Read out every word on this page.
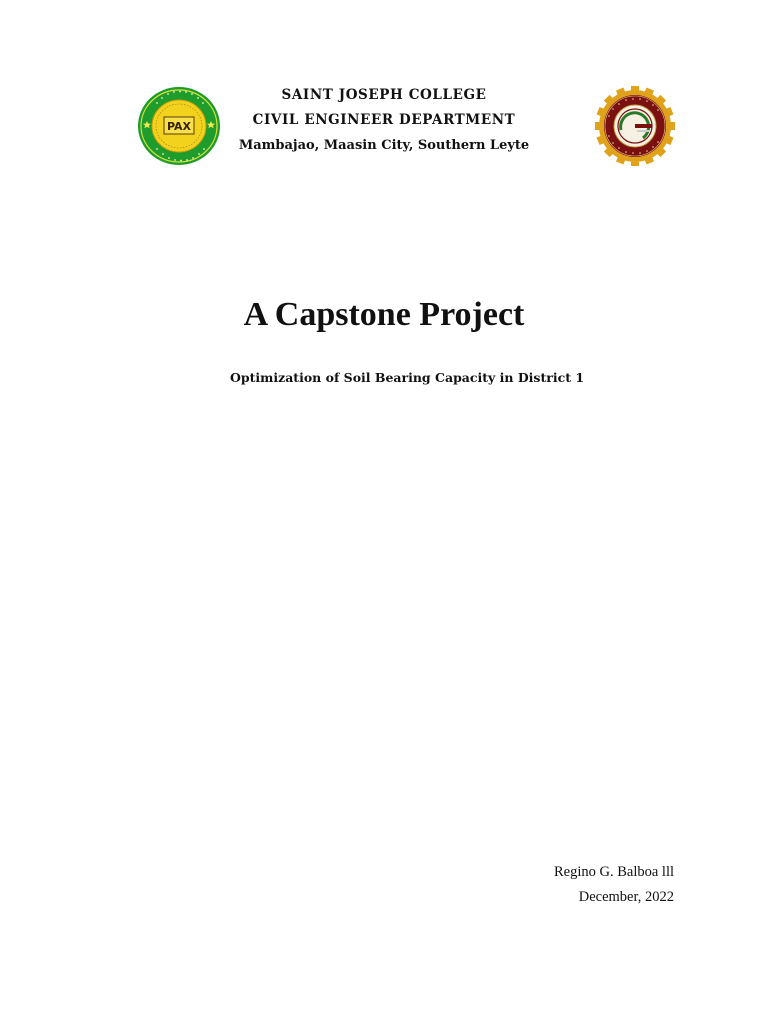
PAX
SAINT JOSEPH COLLEGE
CIVIL ENGINEER DEPARTMENT
Mambajao, Maasin City, Southern Leyte
A Capstone Project
Optimization of Soil Bearing Capacity in District 1
Regino G. Balboa lll
December, 2022
